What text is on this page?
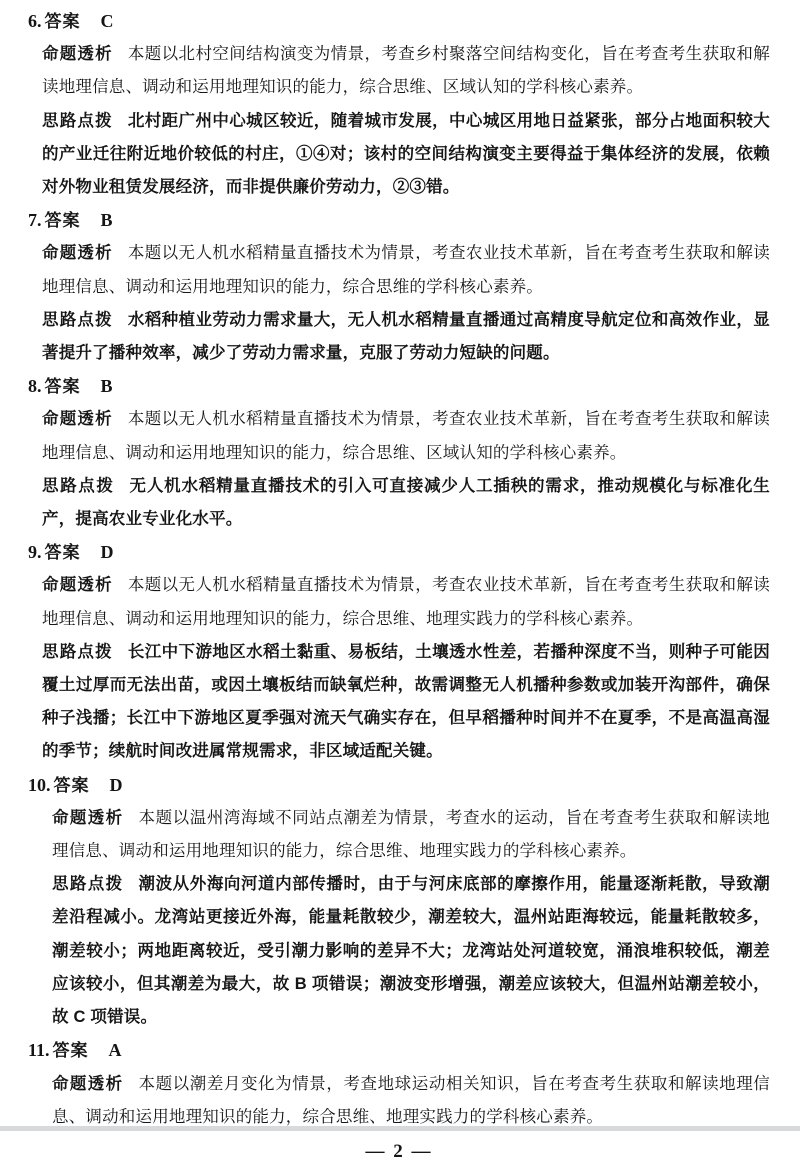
6. 答案 C

命题透析 本题以北村空间结构演变为情景，考查乡村聚落空间结构变化，旨在考查考生获取和解读地理信息、调动和运用地理知识的能力，综合思维、区域认知的学科核心素养。

思路点拨 北村距广州中心城区较近，随着城市发展，中心城区用地日益紧张，部分占地面积较大的产业迁往附近地价较低的村庄，①④对；该村的空间结构演变主要得益于集体经济的发展，依赖对外物业租赁发展经济，而非提供廉价劳动力，②③错。

7. 答案 B

命题透析 本题以无人机水稻精量直播技术为情景，考查农业技术革新，旨在考查考生获取和解读地理信息、调动和运用地理知识的能力，综合思维的学科核心素养。

思路点拨 水稻种植业劳动力需求量大，无人机水稻精量直播通过高精度导航定位和高效作业，显著提升了播种效率，减少了劳动力需求量，克服了劳动力短缺的问题。

8. 答案 B

命题透析 本题以无人机水稻精量直播技术为情景，考查农业技术革新，旨在考查考生获取和解读地理信息、调动和运用地理知识的能力，综合思维、区域认知的学科核心素养。

思路点拨 无人机水稻精量直播技术的引入可直接减少人工插秧的需求，推动规模化与标准化生产，提高农业专业化水平。

9. 答案 D

命题透析 本题以无人机水稻精量直播技术为情景，考查农业技术革新，旨在考查考生获取和解读地理信息、调动和运用地理知识的能力，综合思维、地理实践力的学科核心素养。

思路点拨 长江中下游地区水稻土黏重、易板结，土壤透水性差，若播种深度不当，则种子可能因覆土过厚而无法出苗，或因土壤板结而缺氧烂种，故需调整无人机播种参数或加装开沟部件，确保种子浅播；长江中下游地区夏季强对流天气确实存在，但早稻播种时间并不在夏季，不是高温高湿的季节；续航时间改进属常规需求，非区域适配关键。

10. 答案 D

命题透析 本题以温州湾海域不同站点潮差为情景，考查水的运动，旨在考查考生获取和解读地理信息、调动和运用地理知识的能力，综合思维、地理实践力的学科核心素养。

思路点拨 潮波从外海向河道内部传播时，由于与河床底部的摩擦作用，能量逐渐耗散，导致潮差沿程减小。龙湾站更接近外海，能量耗散较少，潮差较大，温州站距海较远，能量耗散较多，潮差较小；两地距离较近，受引潮力影响的差异不大；龙湾站处河道较宽，涌浪堆积较低，潮差应该较小，但其潮差为最大，故 B 项错误；潮波变形增强，潮差应该较大，但温州站潮差较小，故 C 项错误。

11. 答案 A

命题透析 本题以潮差月变化为情景，考查地球运动相关知识，旨在考查考生获取和解读地理信息、调动和运用地理知识的能力，综合思维、地理实践力的学科核心素养。

— 2 —
